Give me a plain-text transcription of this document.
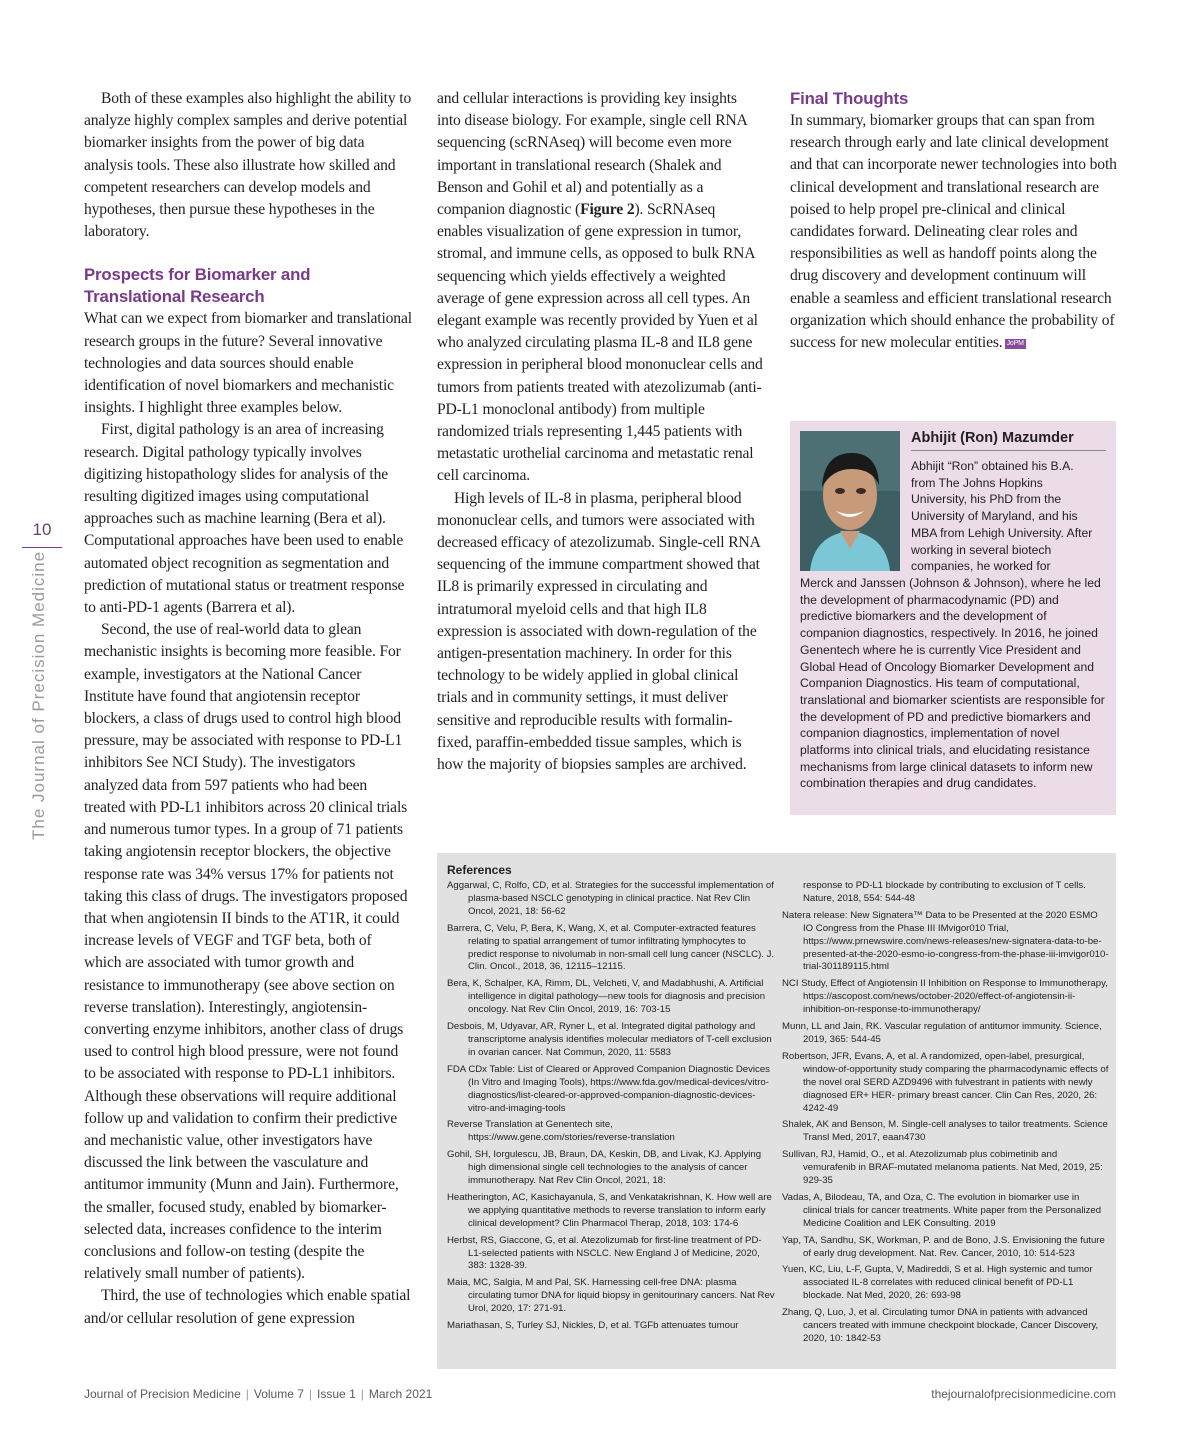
10
The Journal of Precision Medicine

Both of these examples also highlight the ability to analyze highly complex samples and derive potential biomarker insights from the power of big data analysis tools. These also illustrate how skilled and competent researchers can develop models and hypotheses, then pursue these hypotheses in the laboratory.

Prospects for Biomarker and
Translational Research

What can we expect from biomarker and translational research groups in the future? Several innovative technologies and data sources should enable identification of novel biomarkers and mechanistic insights. I highlight three examples below.

First, digital pathology is an area of increasing research. Digital pathology typically involves digitizing histopathology slides for analysis of the resulting digitized images using computational approaches such as machine learning (Bera et al). Computational approaches have been used to enable automated object recognition as segmentation and prediction of mutational status or treatment response to anti-PD-1 agents (Barrera et al).

Second, the use of real-world data to glean mechanistic insights is becoming more feasible. For example, investigators at the National Cancer Institute have found that angiotensin receptor blockers, a class of drugs used to control high blood pressure, may be associated with response to PD-L1 inhibitors See NCI Study). The investigators analyzed data from 597 patients who had been treated with PD-L1 inhibitors across 20 clinical trials and numerous tumor types. In a group of 71 patients taking angiotensin receptor blockers, the objective response rate was 34% versus 17% for patients not taking this class of drugs. The investigators proposed that when angiotensin II binds to the AT1R, it could increase levels of VEGF and TGF beta, both of which are associated with tumor growth and resistance to immunotherapy (see above section on reverse translation). Interestingly, angiotensin-converting enzyme inhibitors, another class of drugs used to control high blood pressure, were not found to be associated with response to PD-L1 inhibitors. Although these observations will require additional follow up and validation to confirm their predictive and mechanistic value, other investigators have discussed the link between the vasculature and antitumor immunity (Munn and Jain). Furthermore, the smaller, focused study, enabled by biomarker-selected data, increases confidence to the interim conclusions and follow-on testing (despite the relatively small number of patients).

Third, the use of technologies which enable spatial and/or cellular resolution of gene expression

and cellular interactions is providing key insights into disease biology. For example, single cell RNA sequencing (scRNAseq) will become even more important in translational research (Shalek and Benson and Gohil et al) and potentially as a companion diagnostic (Figure 2). ScRNAseq enables visualization of gene expression in tumor, stromal, and immune cells, as opposed to bulk RNA sequencing which yields effectively a weighted average of gene expression across all cell types. An elegant example was recently provided by Yuen et al who analyzed circulating plasma IL-8 and IL8 gene expression in peripheral blood mononuclear cells and tumors from patients treated with atezolizumab (anti-PD-L1 monoclonal antibody) from multiple randomized trials representing 1,445 patients with metastatic urothelial carcinoma and metastatic renal cell carcinoma.

High levels of IL-8 in plasma, peripheral blood mononuclear cells, and tumors were associated with decreased efficacy of atezolizumab. Single-cell RNA sequencing of the immune compartment showed that IL8 is primarily expressed in circulating and intratumoral myeloid cells and that high IL8 expression is associated with down-regulation of the antigen-presentation machinery. In order for this technology to be widely applied in global clinical trials and in community settings, it must deliver sensitive and reproducible results with formalin-fixed, paraffin-embedded tissue samples, which is how the majority of biopsies samples are archived.

Final Thoughts

In summary, biomarker groups that can span from research through early and late clinical development and that can incorporate newer technologies into both clinical development and translational research are poised to help propel pre-clinical and clinical candidates forward. Delineating clear roles and responsibilities as well as handoff points along the drug discovery and development continuum will enable a seamless and efficient translational research organization which should enhance the probability of success for new molecular entities. JoPM

Abhijit (Ron) Mazumder
Abhijit “Ron” obtained his B.A. from The Johns Hopkins University, his PhD from the University of Maryland, and his MBA from Lehigh University. After working in several biotech companies, he worked for
Merck and Janssen (Johnson & Johnson), where he led the development of pharmacodynamic (PD) and predictive biomarkers and the development of companion diagnostics, respectively. In 2016, he joined Genentech where he is currently Vice President and Global Head of Oncology Biomarker Development and Companion Diagnostics. His team of computational, translational and biomarker scientists are responsible for the development of PD and predictive biomarkers and companion diagnostics, implementation of novel platforms into clinical trials, and elucidating resistance mechanisms from large clinical datasets to inform new combination therapies and drug candidates.
References
Aggarwal, C, Rolfo, CD, et al. Strategies for the successful implementation of plasma-based NSCLC genotyping in clinical practice. Nat Rev Clin Oncol, 2021, 18: 56-62
Barrera, C, Velu, P, Bera, K, Wang, X, et al. Computer-extracted features relating to spatial arrangement of tumor infiltrating lymphocytes to predict response to nivolumab in non-small cell lung cancer (NSCLC). J. Clin. Oncol., 2018, 36, 12115–12115.
Bera, K, Schalper, KA, Rimm, DL, Velcheti, V, and Madabhushi, A. Artificial intelligence in digital pathology—new tools for diagnosis and precision oncology. Nat Rev Clin Oncol, 2019, 16: 703-15
Desbois, M, Udyavar, AR, Ryner L, et al. Integrated digital pathology and transcriptome analysis identifies molecular mediators of T-cell exclusion in ovarian cancer. Nat Commun, 2020, 11: 5583
FDA CDx Table: List of Cleared or Approved Companion Diagnostic Devices (In Vitro and Imaging Tools), https://www.fda.gov/medical-devices/vitro-diagnostics/list-cleared-or-approved-companion-diagnostic-devices-vitro-and-imaging-tools
Reverse Translation at Genentech site, https://www.gene.com/stories/reverse-translation
Gohil, SH, Iorgulescu, JB, Braun, DA, Keskin, DB, and Livak, KJ. Applying high dimensional single cell technologies to the analysis of cancer immunotherapy. Nat Rev Clin Oncol, 2021, 18:
Heatherington, AC, Kasichayanula, S, and Venkatakrishnan, K. How well are we applying quantitative methods to reverse translation to inform early clinical development? Clin Pharmacol Therap, 2018, 103: 174-6
Herbst, RS, Giaccone, G, et al. Atezolizumab for first-line treatment of PD-L1-selected patients with NSCLC. New England J of Medicine, 2020, 383: 1328-39.
Maia, MC, Salgia, M and Pal, SK. Harnessing cell-free DNA: plasma circulating tumor DNA for liquid biopsy in genitourinary cancers. Nat Rev Urol, 2020, 17: 271-91.
Mariathasan, S, Turley SJ, Nickles, D, et al. TGFb attenuates tumour
response to PD-L1 blockade by contributing to exclusion of T cells. Nature, 2018, 554: 544-48
Natera release: New Signatera™ Data to be Presented at the 2020 ESMO IO Congress from the Phase III IMvigor010 Trial, https://www.prnewswire.com/news-releases/new-signatera-data-to-be-presented-at-the-2020-esmo-io-congress-from-the-phase-iii-imvigor010-trial-301189115.html
NCI Study, Effect of Angiotensin II Inhibition on Response to Immunotherapy, https://ascopost.com/news/october-2020/effect-of-angiotensin-ii-inhibition-on-response-to-immunotherapy/
Munn, LL and Jain, RK. Vascular regulation of antitumor immunity. Science, 2019, 365: 544-45
Robertson, JFR, Evans, A, et al. A randomized, open-label, presurgical, window-of-opportunity study comparing the pharmacodynamic effects of the novel oral SERD AZD9496 with fulvestrant in patients with newly diagnosed ER+ HER- primary breast cancer. Clin Can Res, 2020, 26: 4242-49
Shalek, AK and Benson, M. Single-cell analyses to tailor treatments. Science Transl Med, 2017, eaan4730
Sullivan, RJ, Hamid, O., et al. Atezolizumab plus cobimetinib and vemurafenib in BRAF-mutated melanoma patients. Nat Med, 2019, 25: 929-35
Vadas, A, Bilodeau, TA, and Oza, C. The evolution in biomarker use in clinical trials for cancer treatments. White paper from the Personalized Medicine Coalition and LEK Consulting. 2019
Yap, TA, Sandhu, SK, Workman, P. and de Bono, J.S. Envisioning the future of early drug development. Nat. Rev. Cancer, 2010, 10: 514-523
Yuen, KC, Liu, L-F, Gupta, V, Madireddi, S et al. High systemic and tumor associated IL-8 correlates with reduced clinical benefit of PD-L1 blockade. Nat Med, 2020, 26: 693-98
Zhang, Q, Luo, J, et al. Circulating tumor DNA in patients with advanced cancers treated with immune checkpoint blockade, Cancer Discovery, 2020, 10: 1842-53
Journal of Precision Medicine | Volume 7 | Issue 1 | March 2021	thejournalofprecisionmedicine.com
